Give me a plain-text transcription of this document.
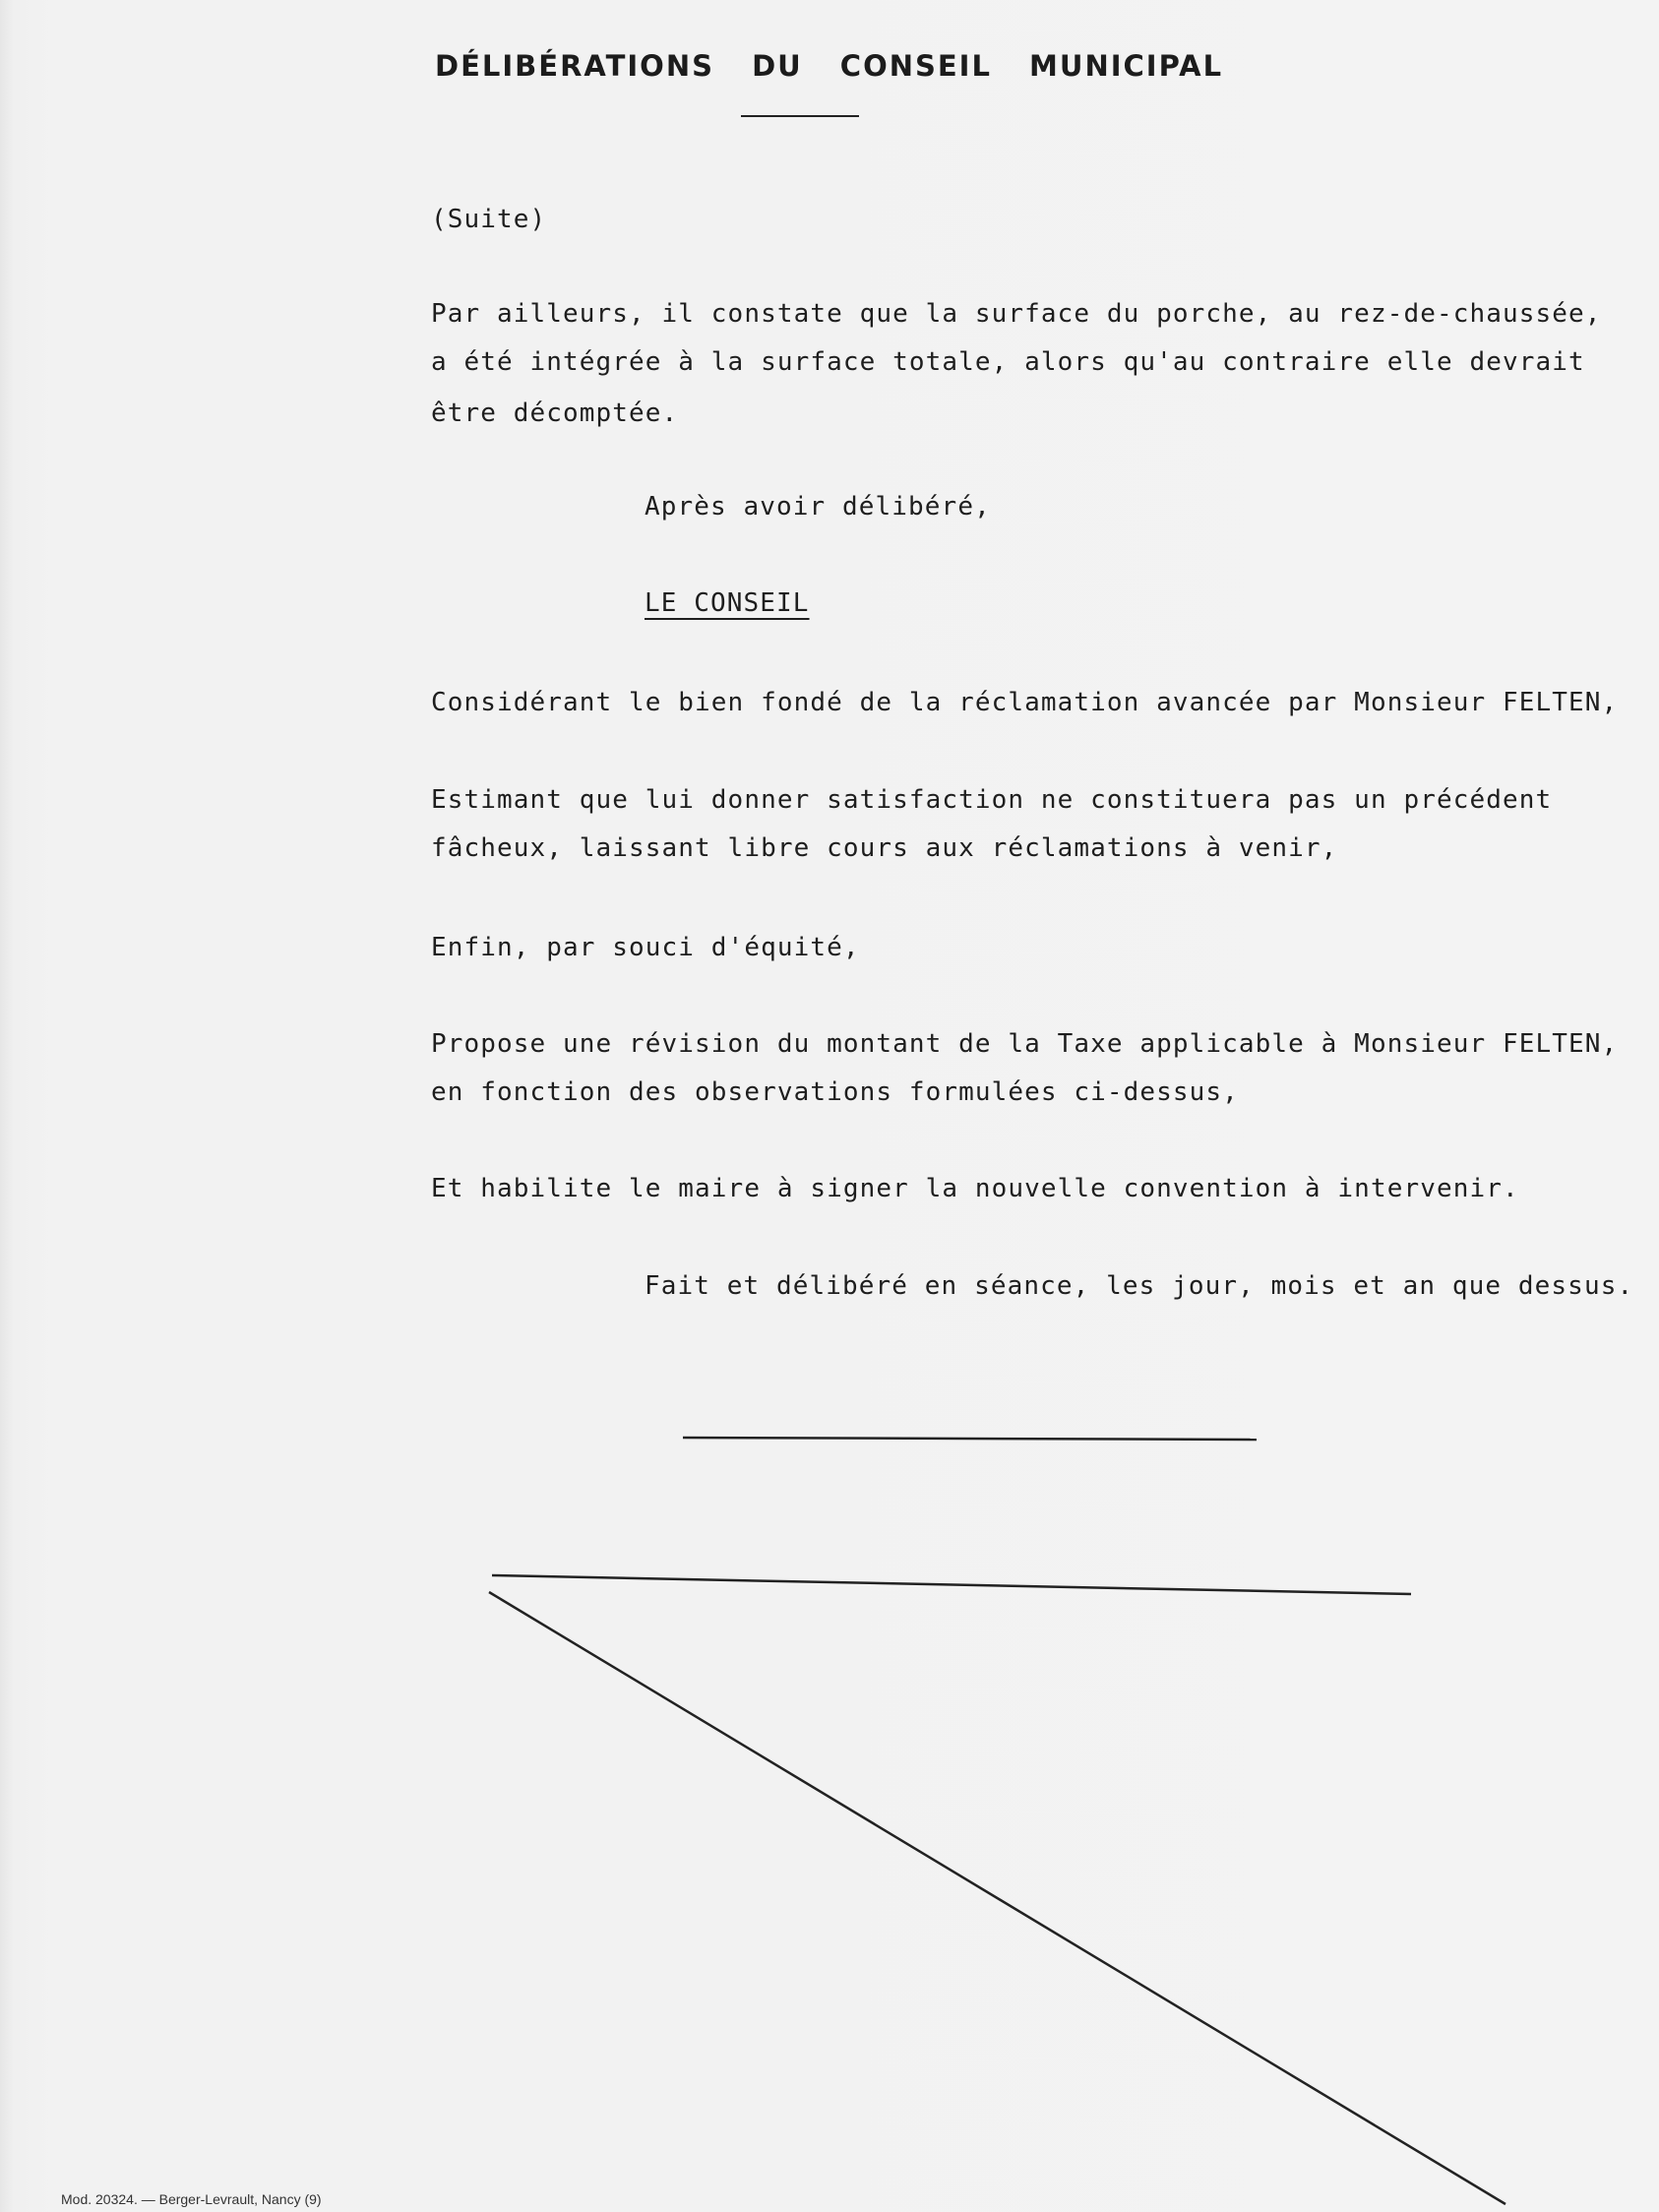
DÉLIBÉRATIONS DU CONSEIL MUNICIPAL
(Suite)
Par ailleurs, il constate que la surface du porche, au rez-de-chaussée,
a été intégrée à la surface totale, alors qu'au contraire elle devrait
être décomptée.
Après avoir délibéré,
LE CONSEIL
Considérant le bien fondé de la réclamation avancée par Monsieur FELTEN,
Estimant que lui donner satisfaction ne constituera pas un précédent
fâcheux, laissant libre cours aux réclamations à venir,
Enfin, par souci d'équité,
Propose une révision du montant de la Taxe applicable à Monsieur FELTEN,
en fonction des observations formulées ci-dessus,
Et habilite le maire à signer la nouvelle convention à intervenir.
Fait et délibéré en séance, les jour, mois et an que dessus.
Mod. 20324. — Berger-Levrault, Nancy (9)
